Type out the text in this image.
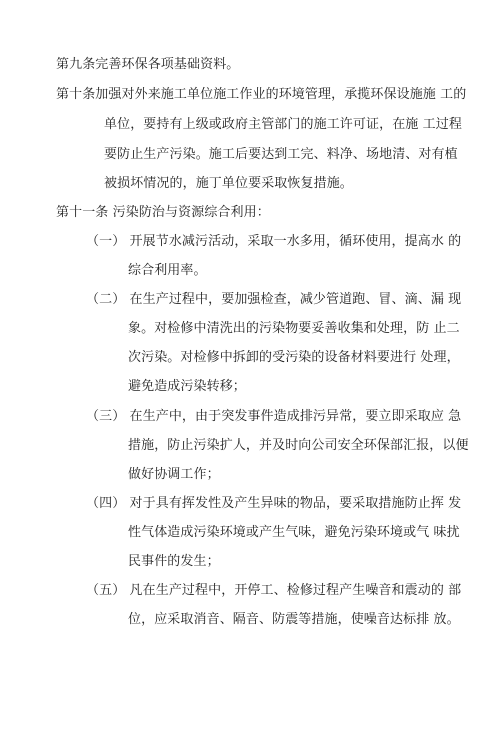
第九条完善环保各项基础资料。
第十条加强对外来施工单位施工作业的环境管理，承揽环保设施施 工的
单位，要持有上级或政府主管部门的施工许可证，在施 工过程
要防止生产污染。施工后要达到工完、料净、场地清、对有植
被损坏情况的，施丁单位要采取恢复措施。
第十一条 污染防治与资源综合利用：
（一） 开展节水减污活动，采取一水多用，循环使用，提高水 的
综合利用率。
（二） 在生产过程中，要加强检查，减少管道跑、冒、滴、漏 现
象。对检修中清洗出的污染物要妥善收集和处理，防 止二
次污染。对检修中拆卸的受污染的设备材料要进行 处理，
避免造成污染转移；
（三） 在生产中，由于突发事件造成排污异常，要立即采取应 急
措施，防止污染扩人，并及时向公司安全环保部汇报，以便
做好协调工作；
（四） 对于具有挥发性及产生异味的物品，要采取措施防止挥 发
性气体造成污染环境或产生气味，避免污染环境或气 味扰
民事件的发生；
（五） 凡在生产过程中，开停工、检修过程产生噪音和震动的 部
位，应采取消音、隔音、防震等措施，使噪音达标排 放。
